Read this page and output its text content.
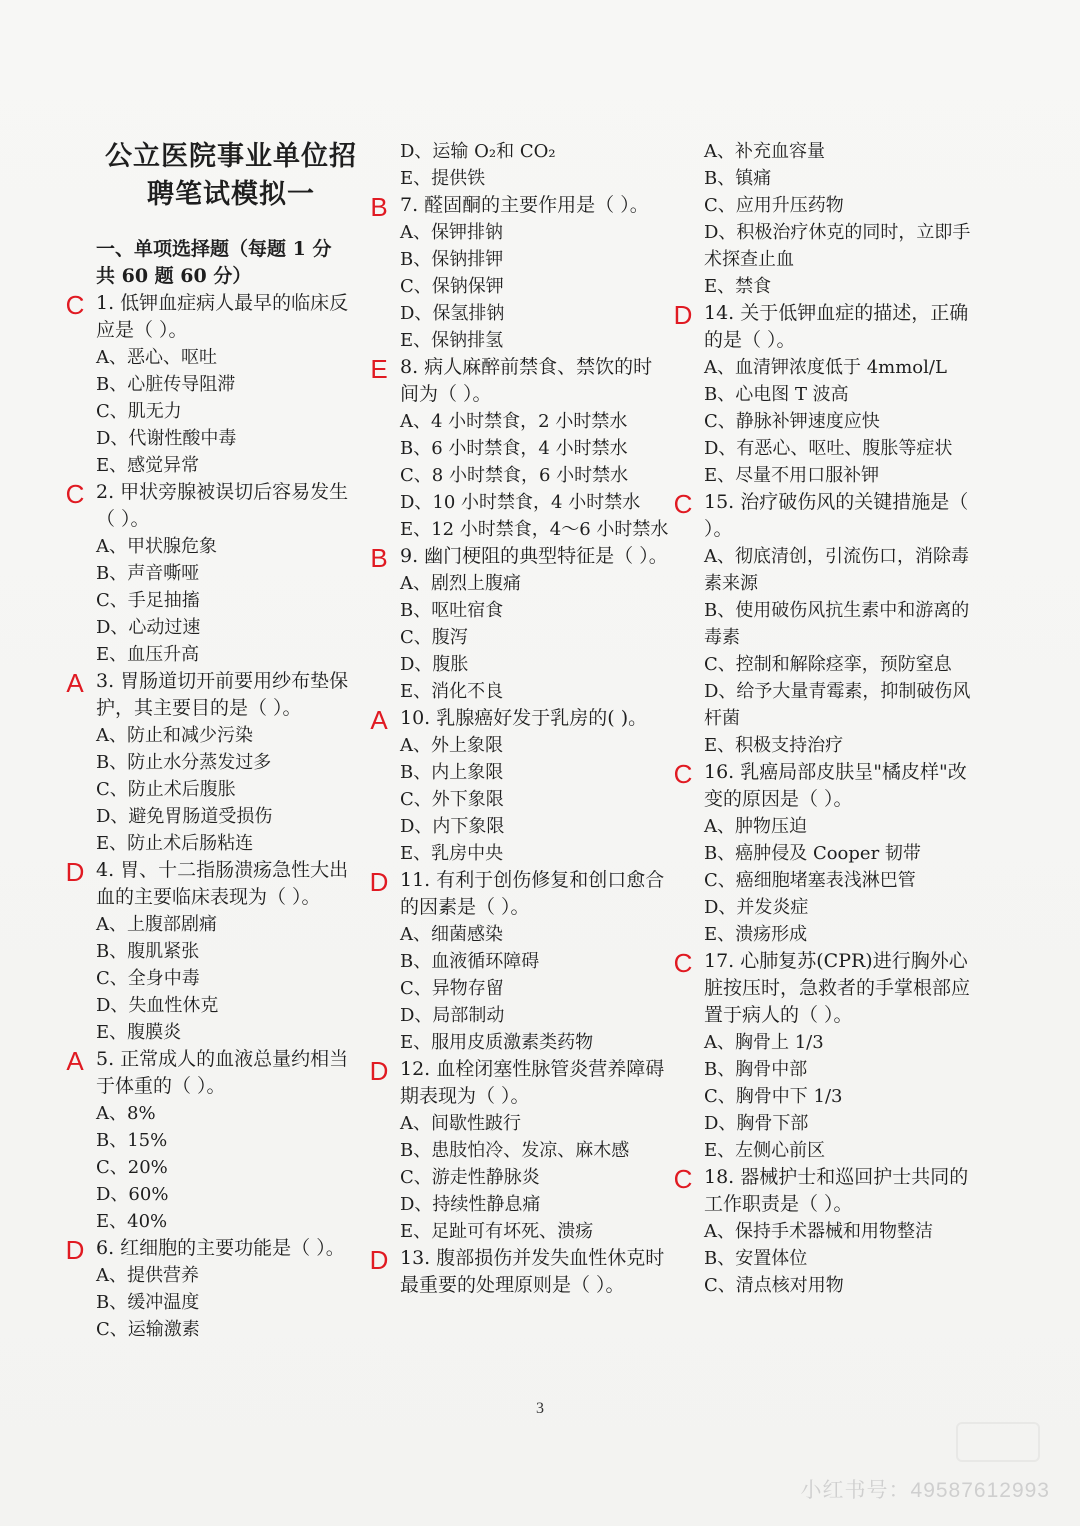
公立医院事业单位招
聘笔试模拟一
一、单项选择题（每题 1 分
共 60 题 60 分）
C 1. 低钾血症病人最早的临床反应是（ ）。
A、恶心、呕吐
B、心脏传导阻滞
C、肌无力
D、代谢性酸中毒
E、感觉异常
C 2. 甲状旁腺被误切后容易发生（ ）。
A、甲状腺危象
B、声音嘶哑
C、手足抽搐
D、心动过速
E、血压升高
A 3. 胃肠道切开前要用纱布垫保护，其主要目的是（ ）。
A、防止和减少污染
B、防止水分蒸发过多
C、防止术后腹胀
D、避免胃肠道受损伤
E、防止术后肠粘连
D 4. 胃、十二指肠溃疡急性大出血的主要临床表现为（ ）。
A、上腹部剧痛
B、腹肌紧张
C、全身中毒
D、失血性休克
E、腹膜炎
A 5. 正常成人的血液总量约相当于体重的（ ）。
A、8%
B、15%
C、20%
D、60%
E、40%
D 6. 红细胞的主要功能是（ ）。
A、提供营养
B、缓冲温度
C、运输激素
D、运输 O₂和 CO₂
E、提供铁
B 7. 醛固酮的主要作用是（ ）。
A、保钾排钠
B、保钠排钾
C、保钠保钾
D、保氢排钠
E、保钠排氢
E 8. 病人麻醉前禁食、禁饮的时间为（ ）。
A、4 小时禁食，2 小时禁水
B、6 小时禁食，4 小时禁水
C、8 小时禁食，6 小时禁水
D、10 小时禁食，4 小时禁水
E、12 小时禁食，4～6 小时禁水
B 9. 幽门梗阻的典型特征是（ ）。
A、剧烈上腹痛
B、呕吐宿食
C、腹泻
D、腹胀
E、消化不良
A 10. 乳腺癌好发于乳房的( )。
A、外上象限
B、内上象限
C、外下象限
D、内下象限
E、乳房中央
D 11. 有利于创伤修复和创口愈合的因素是（ ）。
A、细菌感染
B、血液循环障碍
C、异物存留
D、局部制动
E、服用皮质激素类药物
D 12. 血栓闭塞性脉管炎营养障碍期表现为（ ）。
A、间歇性跛行
B、患肢怕冷、发凉、麻木感
C、游走性静脉炎
D、持续性静息痛
E、足趾可有坏死、溃疡
D 13. 腹部损伤并发失血性休克时最重要的处理原则是（ ）。
A、补充血容量
B、镇痛
C、应用升压药物
D、积极治疗休克的同时，立即手术探查止血
E、禁食
D 14. 关于低钾血症的描述，正确的是（ ）。
A、血清钾浓度低于 4mmol/L
B、心电图 T 波高
C、静脉补钾速度应快
D、有恶心、呕吐、腹胀等症状
E、尽量不用口服补钾
C 15. 治疗破伤风的关键措施是（ ）。
A、彻底清创，引流伤口，消除毒素来源
B、使用破伤风抗生素中和游离的毒素
C、控制和解除痉挛，预防窒息
D、给予大量青霉素，抑制破伤风杆菌
E、积极支持治疗
C 16. 乳癌局部皮肤呈"橘皮样"改变的原因是（ ）。
A、肿物压迫
B、癌肿侵及 Cooper 韧带
C、癌细胞堵塞表浅淋巴管
D、并发炎症
E、溃疡形成
C 17. 心肺复苏(CPR)进行胸外心脏按压时，急救者的手掌根部应置于病人的（ ）。
A、胸骨上 1/3
B、胸骨中部
C、胸骨中下 1/3
D、胸骨下部
E、左侧心前区
C 18. 器械护士和巡回护士共同的工作职责是（ ）。
A、保持手术器械和用物整洁
B、安置体位
C、清点核对用物
3
小红书号：49587612993
